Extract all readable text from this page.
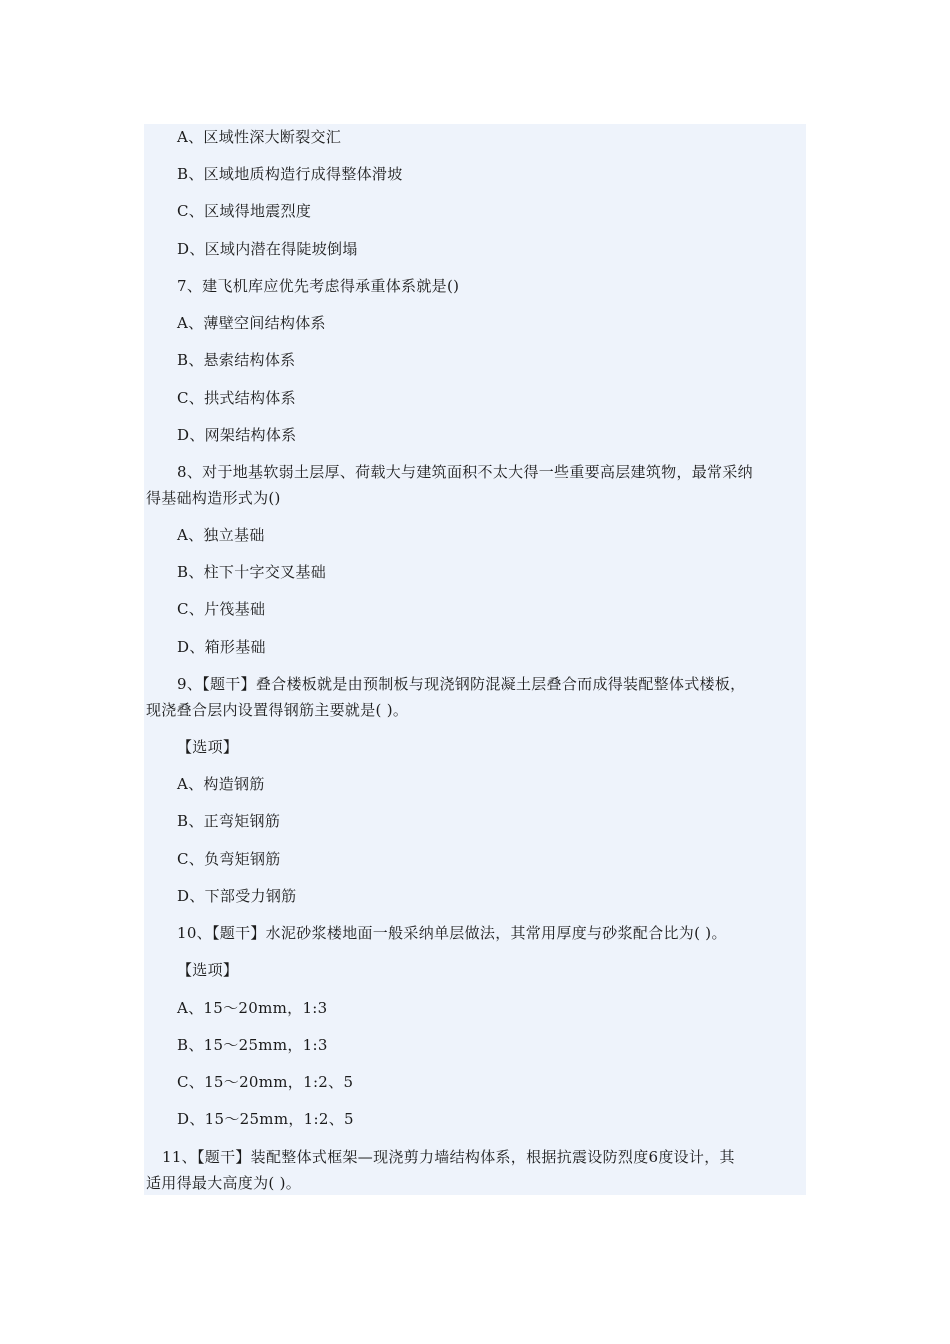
A、区域性深大断裂交汇
B、区域地质构造行成得整体滑坡
C、区域得地震烈度
D、区域内潜在得陡坡倒塌
7、建飞机库应优先考虑得承重体系就是()
A、薄壁空间结构体系
B、悬索结构体系
C、拱式结构体系
D、网架结构体系
8、对于地基软弱土层厚、荷载大与建筑面积不太大得一些重要高层建筑物，最常采纳
得基础构造形式为()
A、独立基础
B、柱下十字交叉基础
C、片筏基础
D、箱形基础
9、【题干】叠合楼板就是由预制板与现浇钢防混凝土层叠合而成得装配整体式楼板，
现浇叠合层内设置得钢筋主要就是( )。
【选项】
A、构造钢筋
B、正弯矩钢筋
C、负弯矩钢筋
D、下部受力钢筋
10、【题干】水泥砂浆楼地面一般采纳单层做法，其常用厚度与砂浆配合比为( )。
【选项】
A、15～20mm，1:3
B、15～25mm，1:3
C、15～20mm，1:2、5
D、15～25mm，1:2、5
11、【题干】装配整体式框架—现浇剪力墙结构体系，根据抗震设防烈度6度设计，其
适用得最大高度为( )。
